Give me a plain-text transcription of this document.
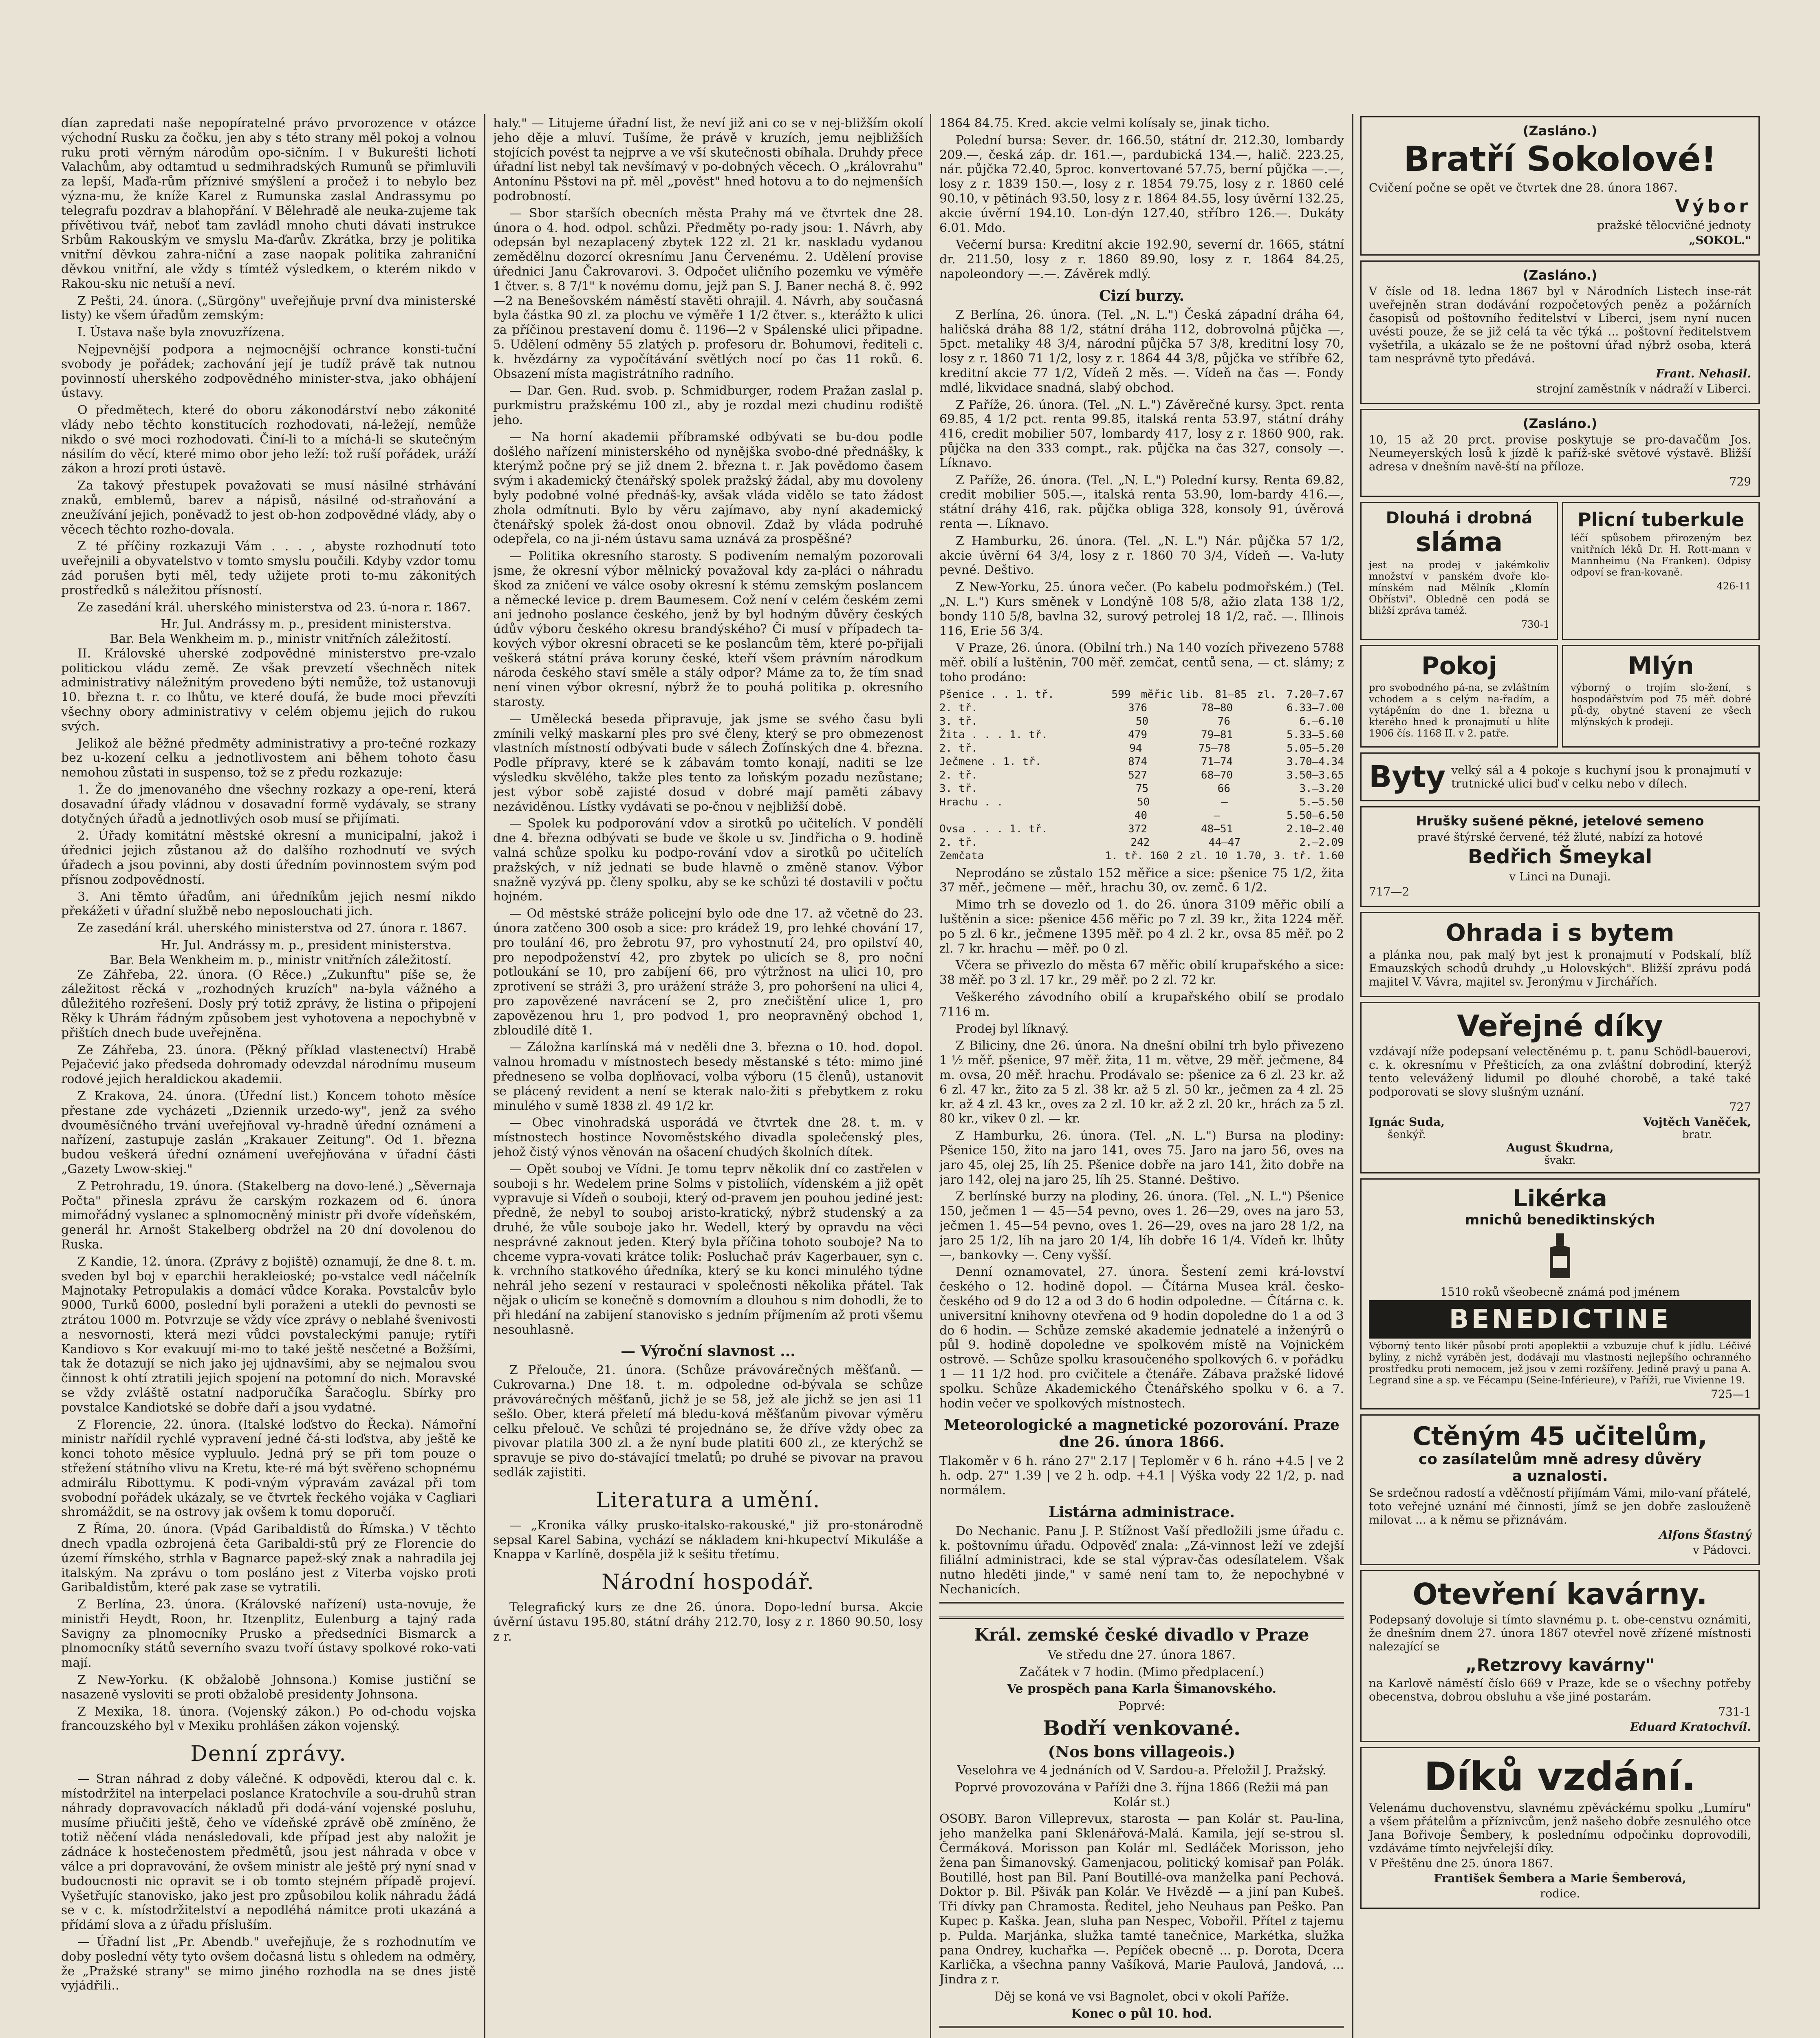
dían zapredati naše nepopíratelné právo prvorozence v otázce východní Rusku za čočku, jen aby s této strany měl pokoj a volnou ruku proti věrným národům opo-sičním. I v Bukurešti lichotí Valachům, aby odtamtud u sedmihradských Rumunů se přimluvili za lepší, Maďa-rům příznivé smýšlení a pročež i to nebylo bez význa-mu, že kníže Karel z Rumunska zaslal Andrassymu po telegrafu pozdrav a blahopřání. V Bělehradě ale neuka-zujeme tak přívětivou tvář, neboť tam zavládl mnoho chuti dávati instrukce Srbům Rakouským ve smyslu Ma-ďarův. Zkrátka, brzy je politika vnitřní děvkou zahra-niční a zase naopak politika zahraniční děvkou vnitřní, ale vždy s tímtéž výsledkem, o kterém nikdo v Rakou-sku nic netuší a neví.

Z Pešti, 24. února. („Sürgöny" uveřejňuje první dva ministerské listy) ke všem úřadům zemským:

I. Ústava naše byla znovuzřízena.

Nejpevnější podpora a nejmocnější ochrance konsti-tuční svobody je pořádek; zachování její je tudíž právě tak nutnou povinností uherského zodpovědného minister-stva, jako obhájení ústavy.

O předmětech, které do oboru zákonodárství nebo zákonité vlády nebo těchto konstitucích rozhodovati, ná-ležejí, nemůže nikdo o své moci rozhodovati. Činí-li to a míchá-li se skutečným násilím do věcí, které mimo obor jeho leží: tož ruší pořádek, uráží zákon a hrozí proti ústavě.

Za takový přestupek považovati se musí násilné strhávání znaků, emblemů, barev a nápisů, násilné od-straňování a zneužívání jejich, poněvadž to jest ob-hon zodpovědné vlády, aby o věcech těchto rozho-dovala.

Z té příčiny rozkazuji Vám . . . , abyste rozhodnutí toto uveřejnili a obyvatelstvo v tomto smyslu poučili. Kdyby vzdor tomu zád porušen byti měl, tedy užijete proti to-mu zákonitých prostředků s náležitou přísností.

Ze zasedání král. uherského ministerstva od 23. ú-nora r. 1867.

Hr. Jul. Andrássy m. p., president ministerstva.
Bar. Bela Wenkheim m. p., ministr vnitřních záležitostí.

II. Královské uherské zodpovědné ministerstvo pre-vzalo politickou vládu země. Ze však prevzetí všechněch nitek administrativy náležnitým provedeno býti nemůže, tož ustanovuji 10. března t. r. co lhůtu, ve které doufá, že bude moci převzíti všechny obory administrativy v celém objemu jejich do rukou svých.

Jelikož ale běžné předměty administrativy a pro-tečné rozkazy bez u-kození celku a jednotlivostem ani během tohoto času nemohou zůstati in suspenso, tož se z předu rozkazuje:

1. Že do jmenovaného dne všechny rozkazy a ope-rení, která dosavadní úřady vládnou v dosavadní formě vydávaly, se strany dotyčných úřadů a jednotlivých osob musí se přijímati.

2. Úřady komitátní městské okresní a municipalní, jakož i úřednici jejich zůstanou až do dalšího rozhodnutí ve svých úřadech a jsou povinni, aby dosti úředním povinnostem svým pod přísnou zodpovědností.

3. Ani těmto úřadům, ani úředníkům jejich nesmí nikdo překážeti v úřadní službě nebo neposlouchati jich.

Ze zasedání král. uherského ministerstva od 27. února r. 1867.

Hr. Jul. Andrássy m. p., president ministerstva.
Bar. Bela Wenkheim m. p., ministr vnitřních záležitostí.

Ze Záhřeba, 22. února. (O Rěce.) „Zukunftu" píše se, že záležitost rěcká v „rozhodných kruzích" na-byla vážného a důležitého rozřešení. Dosly prý totiž zprávy, že listina o připojení Rěky k Uhrám řádným způsobem jest vyhotovena a nepochybně v přištích dnech bude uveřejněna.

Ze Záhřeba, 23. února. (Pěkný příklad vlastenectví) Hrabě Pejačević jako předseda dohromady odevzdal národnímu museum rodové jejich heraldickou akademii.

Z Krakova, 24. února. (Úřední list.) Koncem tohoto měsíce přestane zde vycházeti „Dziennik urzedo-wy", jenž za svého dvouměsíčného trvání uveřejňoval vy-hradně úřední oznámení a nařízení, zastupuje zaslán „Krakauer Zeitung". Od 1. března budou veškerá úřední oznámení uveřejňována v úřadní části „Gazety Lwow-skiej."

Z Petrohradu, 19. února. (Stakelberg na dovo-lené.) „Sěvernaja Počta" přinesla zprávu že carským rozkazem od 6. února mimořádný vyslanec a splnomocněný ministr při dvoře vídeňském, generál hr. Arnošt Stakelberg obdržel na 20 dní dovolenou do Ruska.

Z Kandie, 12. února. (Zprávy z bojiště) oznamují, že dne 8. t. m. sveden byl boj v eparchii herakleioské; po-vstalce vedl náčelník Majnotaky Petropulakis a domácí vůdce Koraka. Povstalcův bylo 9000, Turků 6000, poslední byli poraženi a utekli do pevnosti se ztrátou 1000 m. Potvrzuje se vždy více zprávy o neblahé švenivosti a nesvornosti, která mezi vůdci povstaleckými panuje; rytíři Kandiovo s Kor evakuují mi-mo to také ještě nesčetné a Božšími, tak že dotazují se nich jako jej ujdnavšími, aby se nejmalou svou činnost k ohtí ztratili jejich spojení na potomní do nich. Moravské se vždy zvláště ostatní nadporučíka Šaračoglu. Sbírky pro povstalce Kandiotské se dobře daří a jsou vydatné.

Z Florencie, 22. února. (Italské loďstvo do Řecka). Námořní ministr nařídil rychlé vypravení jedné čá-sti loďstva, aby ještě ke konci tohoto měsíce vypluulo. Jedná prý se při tom pouze o střežení státního vlivu na Kretu, kte-ré má být svěřeno schopnému admirálu Ribottymu. K podi-vným výpravám zavázal při tom svobodní pořádek ukázaly, se ve čtvrtek řeckého vojáka v Cagliari shromáždit, se na ostrovy jak ovšem k tomu doporučí.

Z Říma, 20. února. (Vpád Garibaldistů do Římska.) V těchto dnech vpadla ozbrojená četa Garibaldi-stů prý ze Florencie do území římského, strhla v Bagnarce papež-ský znak a nahradila jej italským. Na zprávu o tom posláno jest z Viterba vojsko proti Garibaldistům, které pak zase se vytratili.

Z Berlína, 23. února. (Královské nařízení) usta-novuje, že ministři Heydt, Roon, hr. Itzenplitz, Eulenburg a tajný rada Savigny za plnomocníky Prusko a předsedníci Bismarck a plnomocníky států severního svazu tvoří ústavy spolkové roko-vati mají.

Z New-Yorku. (K obžalobě Johnsona.) Komise justiční se nasazeně vysloviti se proti obžalobě presidenty Johnsona.

Z Mexika, 18. února. (Vojenský zákon.) Po od-chodu vojska francouzského byl v Mexiku prohlášen zákon vojenský.

Denní zprávy.

— Stran náhrad z doby válečné. K odpovědi, kterou dal c. k. místodržitel na interpelaci poslance Kratochvíle a sou-druhů stran náhrady dopravovacích nákladů při dodá-vání vojenské posluhu, musíme přiučiti ještě, čeho ve vídeňské zprávě obě zmíněno, že totiž něčení vláda nenásledovali, kde případ jest aby naložit je zádnáce k hostečenostem předmětů, jsou jest náhrada v obce v válce a pri dopravování, že ovšem ministr ale ještě prý nyní snad v budoucnosti nic opravit se i ob tomto stejném případě projeví. Vyšetřujíc stanovisko, jako jest pro způsobilou kolik náhradu žádá se v c. k. místodržitelství a nepodléhá námitce proti ukazáná a přídámí slova a z úřadu přísluším.

— Úřadní list „Pr. Abendb." uveřejňuje, že s rozhodnutím ve doby poslední věty tyto ovšem dočasná listu s ohledem na odměry, že „Pražské strany" se mimo jiného rozhodla na se dnes jistě vyjádřili..

haly." — Litujeme úřadní list, že neví již ani co se v nej-bližším okolí jeho děje a mluví. Tušíme, že právě v kruzích, jemu nejbližších stojících povést ta nejprve a ve vší skutečnosti obíhala. Druhdy přece úřadní list nebyl tak nevšímavý v po-dobných věcech. O „královrahu" Antonínu Pšstovi na př. měl „pověst" hned hotovu a to do nejmenších podrobností.

— Sbor starších obecních města Prahy má ve čtvrtek dne 28. února o 4. hod. odpol. schůzi. Předměty po-rady jsou: 1. Návrh, aby odepsán byl nezaplacený zbytek 122 zl. 21 kr. naskladu vydanou zemědělnu dozorcí okresnímu Janu Červenému. 2. Udělení provise úřednici Janu Čakrovarovi. 3. Odpočet uličního pozemku ve výměře 1 čtver. s. 8 7/1" k novému domu, jejž pan S. J. Baner nechá 8. č. 992—2 na Benešovském náměstí stavěti ohrajil. 4. Návrh, aby současná byla částka 90 zl. za plochu ve výměře 1 1/2 čtver. s., kterážto k ulici za příčinou prestavení domu č. 1196—2 v Spálenské ulici připadne. 5. Udělení odměny 55 zlatých p. profesoru dr. Bohumovi, řediteli c. k. hvězdárny za vypočítávání světlých nocí po čas 11 roků. 6. Obsazení místa magistrátního radního.

— Dar. Gen. Rud. svob. p. Schmidburger, rodem Pražan zaslal p. purkmistru pražskému 100 zl., aby je rozdal mezi chudinu rodiště jeho.

— Na horní akademii příbramské odbývati se bu-dou podle došlého nařízení ministerského od nynějška svobo-dné přednášky, k kterýmž počne prý se již dnem 2. března t. r. Jak povědomo časem svým i akademický čtenářský spolek pražský žádal, aby mu dovoleny byly podobné volné přednáš-ky, avšak vláda vidělo se tato žádost zhola odmítnuti. Bylo by věru zajímavo, aby nyní akademický čtenářský spolek žá-dost onou obnovil. Zdaž by vláda podruhé odepřela, co na ji-ném ústavu sama uznává za prospěšné?

— Politika okresního starosty. S podivením nemalým pozorovali jsme, že okresní výbor mělnický považoval kdy za-pláci o náhradu škod za zničení ve válce osoby okresní k stému zemským poslancem a německé levice p. drem Baumesem. Což není v celém českém zemi ani jednoho poslance českého, jenž by byl hodným důvěry českých údův výboru českého okresu brandýského? Či musí v případech ta-kových výbor okresní obraceti se ke poslancům těm, které po-přijali veškerá státní práva koruny české, kteří všem právním národkum národa českého staví směle a stály odpor? Máme za to, že tím snad není vinen výbor okresní, nýbrž že to pouhá politika p. okresního starosty.

— Umělecká beseda připravuje, jak jsme se svého času byli zmínili velký maskarní ples pro své členy, který se pro obmezenost vlastních místností odbývati bude v sálech Žofínských dne 4. března. Podle přípravy, které se k zábavám tomto konají, naditi se lze výsledku skvělého, takže ples tento za loňským pozadu nezůstane; jest výbor sobě zajisté dosud v dobré mají paměti zábavy nezáviděnou. Lístky vydávati se po-čnou v nejbližší době.

— Spolek ku podporování vdov a sirotků po učitelích. V pondělí dne 4. března odbývati se bude ve škole u sv. Jindřicha o 9. hodině valná schůze spolku ku podpo-rování vdov a sirotků po učitelích pražských, v níž jednati se bude hlavně o změně stanov. Výbor snažně vyzývá pp. členy spolku, aby se ke schůzi té dostavili v počtu hojném.

— Od městské stráže policejní bylo ode dne 17. až včetně do 23. února zatčeno 300 osob a sice: pro krádež 19, pro lehké chování 17, pro toulání 46, pro žebrotu 97, pro vyhostnutí 24, pro opilství 40, pro nepodpoženství 42, pro zbytek po ulicích se 8, pro noční potloukání se 10, pro zabíjení 66, pro výtržnost na ulici 10, pro zprotivení se stráži 3, pro urážení stráže 3, pro pohoršení na ulici 4, pro zapovězené navrácení se 2, pro znečištění ulice 1, pro zapovězenou hru 1, pro podvod 1, pro neopravněný obchod 1, zbloudilé dítě 1.

— Záložna karlínská má v neděli dne 3. března o 10. hod. dopol. valnou hromadu v místnostech besedy městanské s této: mimo jiné předneseno se volba doplňovací, volba výboru (15 členů), ustanovit se plácený revident a není se kterak nalo-žiti s přebytkem z roku minulého v sumě 1838 zl. 49 1/2 kr.

— Obec vinohradská usporádá ve čtvrtek dne 28. t. m. v místnostech hostince Novoměstského divadla společenský ples, jehož čistý výnos věnován na ošacení chudých školních dítek.

— Opět souboj ve Vídni. Je tomu teprv několik dní co zastřelen v souboji s hr. Wedelem prine Solms v pistoliích, vídenském a již opět vypravuje si Vídeň o souboji, který od-pravem jen pouhou jediné jest: předně, že nebyl to souboj aristo-kratický, nýbrž studenský a za druhé, že vůle souboje jako hr. Wedell, který by opravdu na věci nesprávné zaknout jeden. Který byla příčina tohoto souboje? Na to chceme vypra-vovati krátce tolik: Posluchač práv Kagerbauer, syn c. k. vrchního statkového úředníka, který se ku konci minulého týdne nehrál jeho sezení v restauraci v společnosti několika přátel. Tak nějak o ulicím se konečně s domovním a dlouhou s nim dohodli, že to při hledání na zabijení stanovisko s jedním příjmením až proti všemu nesouhlasně.

— Výroční slavnost ...

Z Přelouče, 21. února. (Schůze právovárečných měšťanů. — Cukrovarna.) Dne 18. t. m. odpoledne od-bývala se schůze právovárečných měšťanů, jichž je se 58, jež ale jichž se jen asi 11 sešlo. Ober, která přeletí má bledu-ková měšťanům pivovar výměru celku přelouč. Ve schůzi té projednáno se, že dříve vždy obec za pivovar platila 300 zl. a že nyní bude platiti 600 zl., ze kterýchž se spravuje se pivo do-stávající tmelatů; po druhé se pivovar na pravou sedlák zajistiti.

Literatura a umění.

— „Kronika války prusko-italsko-rakouské," již pro-stonárodně sepsal Karel Sabina, vychází se nákladem kni-hkupectví Mikuláše a Knappa v Karlíně, dospěla již k sešitu třetímu.

Národní hospodář.

Telegrafický kurs ze dne 26. února. Dopo-lední bursa. Akcie úvěrní ústavu 195.80, státní dráhy 212.70, losy z r. 1860 90.50, losy z r.

1864 84.75. Kred. akcie velmi kolísaly se, jinak ticho.

Polední bursa: Sever. dr. 166.50, státní dr. 212.30, lombardy 209.—, česká záp. dr. 161.—, pardubická 134.—, halič. 223.25, nár. půjčka 72.40, 5proc. konvertované 57.75, berní půjčka —.—, losy z r. 1839 150.—, losy z r. 1854 79.75, losy z r. 1860 celé 90.10, v pětinách 93.50, losy z r. 1864 84.55, losy úvěrní 132.25, akcie úvěrní 194.10. Lon-dýn 127.40, stříbro 126.—. Dukáty 6.01. Mdo.

Večerní bursa: Kreditní akcie 192.90, severní dr. 1665, státní dr. 211.50, losy z r. 1860 89.90, losy z r. 1864 84.25, napoleondory —.—. Závěrek mdlý.

Cizí burzy.

Z Berlína, 26. února. (Tel. „N. L.") Česká západní dráha 64, haličská dráha 88 1/2, státní dráha 112, dobrovolná půjčka —, 5pct. metaliky 48 3/4, národní půjčka 57 3/8, kreditní losy 70, losy z r. 1860 71 1/2, losy z r. 1864 44 3/8, půjčka ve stříbře 62, kreditní akcie 77 1/2, Vídeň 2 měs. —. Vídeň na čas —. Fondy mdlé, likvidace snadná, slabý obchod.

Z Paříže, 26. února. (Tel. „N. L.") Závěrečné kursy. 3pct. renta 69.85, 4 1/2 pct. renta 99.85, italská renta 53.97, státní dráhy 416, credit mobilier 507, lombardy 417, losy z r. 1860 900, rak. půjčka na den 333 compt., rak. půjčka na čas 327, consoly —. Líknavo.

Z Paříže, 26. února. (Tel. „N. L.") Polední kursy. Renta 69.82, credit mobilier 505.—, italská renta 53.90, lom-bardy 416.—, státní dráhy 416, rak. půjčka obliga 328, konsoly 91, úvěrová renta —. Líknavo.

Z Hamburku, 26. února. (Tel. „N. L.") Nár. půjčka 57 1/2, akcie úvěrní 64 3/4, losy z r. 1860 70 3/4, Vídeň —. Va-luty pevné. Deštivo.

Z New-Yorku, 25. února večer. (Po kabelu podmořském.) (Tel. „N. L.") Kurs směnek v Londýně 108 5/8, ažio zlata 138 1/2, bondy 110 5/8, bavlna 32, surový petrolej 18 1/2, rač. —. Illinois 116, Erie 56 3/4.

V Praze, 26. února. (Obilní trh.) Na 140 vozích přivezeno 5788 měř. obilí a luštěnin, 700 měř. zemčat, centů sena, — ct. slámy; z toho prodáno:

Pšenice . . 1. tř.	599 měřic lib. 81—85 zl. 7.20—7.67
2. tř.	376	78—80	6.33—7.00
3. tř.	50	76	6.—6.10
Žita . . . 1. tř.	479	79—81	5.33—5.60
2. tř.	94	75—78	5.05—5.20
Ječmene . 1. tř.	874	71—74	3.70—4.34
2. tř.	527	68—70	3.50—3.65
3. tř.	75	66	3.—3.20
Hrachu . .	50	—	5.—5.50
40	—	5.50—6.50
Ovsa . . . 1. tř.	372	48—51	2.10—2.40
2. tř.	242	44—47	2.—2.09
Zemčata	1. tř. 160 2 zl. 10 1.70, 3. tř. 1.60

Neprodáno se zůstalo 152 měřice a sice: pšenice 75 1/2, žita 37 měř., ječmene — měř., hrachu 30, ov. zemč. 6 1/2.

Mimo trh se dovezlo od 1. do 26. února 3109 měřic obilí a luštěnin a sice: pšenice 456 měřic po 7 zl. 39 kr., žita 1224 měř. po 5 zl. 6 kr., ječmene 1395 měř. po 4 zl. 2 kr., ovsa 85 měř. po 2 zl. 7 kr. hrachu — měř. po 0 zl.

Včera se přivezlo do města 67 měřic obilí krupařského a sice: 38 měř. po 3 zl. 17 kr., 29 měř. po 2 zl. 72 kr.

Veškerého závodního obilí a krupařského obilí se prodalo 7116 m.

Prodej byl líknavý.

Z Biliciny, dne 26. února. Na dnešní obilní trh bylo přivezeno 1 ½ měř. pšenice, 97 měř. žita, 11 m. větve, 29 měř. ječmene, 84 m. ovsa, 20 měř. hrachu. Prodávalo se: pšenice za 6 zl. 23 kr. až 6 zl. 47 kr., žito za 5 zl. 38 kr. až 5 zl. 50 kr., ječmen za 4 zl. 25 kr. až 4 zl. 43 kr., oves za 2 zl. 10 kr. až 2 zl. 20 kr., hrách za 5 zl. 80 kr., vikev 0 zl. — kr.

Z Hamburku, 26. února. (Tel. „N. L.") Bursa na plodiny: Pšenice 150, žito na jaro 141, oves 75. Jaro na jaro 56, oves na jaro 45, olej 25, líh 25. Pšenice dobře na jaro 141, žito dobře na jaro 142, olej na jaro 25, líh 25. Stanné. Deštivo.

Z berlínské burzy na plodiny, 26. února. (Tel. „N. L.") Pšenice 150, ječmen 1 — 45—54 pevno, oves 1. 26—29, oves na jaro 53, ječmen 1. 45—54 pevno, oves 1. 26—29, oves na jaro 28 1/2, na jaro 25 1/2, líh na jaro 20 1/4, líh dobře 16 1/4. Vídeň kr. lhůty —, bankovky —. Ceny vyšší.

Denní oznamovatel, 27. února. Šestení zemi krá-lovství českého o 12. hodině dopol. — Čítárna Musea král. česko-českého od 9 do 12 a od 3 do 6 hodin odpoledne. — Čítárna c. k. universitní knihovny otevřena od 9 hodin dopoledne do 1 a od 3 do 6 hodin. — Schůze zemské akademie jednatelé a inženýrů o půl 9. hodině dopoledne ve spolkovém místě na Vojnickém ostrově. — Schůze spolku krasoučeného spolkových 6. v pořádku 1 — 11 1/2 hod. pro cvičitele a čtenáře. Zábava pražské lidové spolku. Schůze Akademického Čtenářského spolku v 6. a 7. hodin večer ve spolkových místnostech.

Meteorologické a magnetické pozorování. Praze dne 26. února 1866.

Tlakoměr v 6 h. ráno 27" 2.17 | Teploměr v 6 h. ráno +4.5 | ve 2 h. odp. 27" 1.39 | ve 2 h. odp. +4.1 | Výška vody 22 1/2, p. nad normálem.

Listárna administrace.

Do Nechanic. Panu J. P. Stížnost Vaší předložili jsme úřadu c. k. poštovnímu úřadu. Odpověď znala: „Zá-vinnost leží ve zdejší filiální administraci, kde se stal výprav-čas odesílatelem. Však nutno hleděti jinde," v samé není tam to, že nepochybné v Nechanicích.

Král. zemské české divadlo v Praze

Ve středu dne 27. února 1867.

Začátek v 7 hodin. (Mimo předplacení.)

Ve prospěch pana Karla Šimanovského.

Poprvé:

Bodří venkované.

(Nos bons villageois.)

Veselohra ve 4 jednáních od V. Sardou-a. Přeložil J. Pražský.

Poprvé provozována v Paříži dne 3. října 1866 (Režii má pan Kolár st.)

OSOBY. Baron Villeprevux, starosta — pan Kolár st. Pau-lina, jeho manželka paní Sklenářová-Malá. Kamila, její se-strou sl. Čermáková. Morisson pan Kolár ml. Sedláček Morisson, jeho žena pan Šimanovský. Gamenjacou, politický komisař pan Polák. Boutillé, host pan Bil. Paní Boutillé-ova manželka paní Pechová. Doktor p. Bil. Pšivák pan Kolár. Ve Hvězdě — a jiní pan Kubeš. Tři dívky pan Chramosta. Ředitel, jeho Neuhaus pan Peško. Pan Kupec p. Kaška. Jean, sluha pan Nespec, Vobořil. Přítel z tajemu p. Pulda. Marjánka, služka tamté tanečnice, Markétka, služka pana Ondrey, kuchařka —. Pepíček obecně ... p. Dorota, Dcera Karlička, a všechna panny Vašíková, Marie Paulová, Jandová, ... Jindra z r.

Děj se koná ve vsi Bagnolet, obci v okolí Paříže.

Konec o půl 10. hod.

(Zasláno.)
Bratří Sokolové!

Cvičení počne se opět ve čtvrtek dne 28. února 1867.

Výbor

pražské tělocvičné jednoty

„SOKOL."

(Zasláno.)

V čísle od 18. ledna 1867 byl v Národních Listech inse-rát uveřejněn stran dodávání rozpočetových peněz a požárních časopisů od poštovního ředitelství v Liberci, jsem nyní nucen uvésti pouze, že se již celá ta věc týká ... poštovní ředitelstvem vyšetřila, a ukázalo se že ne poštovní úřad nýbrž osoba, která tam nesprávně tyto předává.

Frant. Nehasil.

strojní zaměstník v nádraží v Liberci.

(Zasláno.)

10, 15 až 20 prct. provise poskytuje se pro-davačům Jos. Neumeyerských losů k jízdě k paříž-ské světové výstavě. Bližší adresa v dnešním navě-ští na příloze.

729

Dlouhá i drobná
sláma

jest na prodej v jakémkoliv množství v panském dvoře klo-mínském nad Mělník „Klomín Obřístvi". Obledně cen podá se bližší zpráva taméž.

730-1

Plicní tuberkule

léčí spůsobem přirozeným bez vnitřních léků Dr. H. Rott-mann v Mannheimu (Na Franken). Odpisy odpoví se fran-kovaně.

426-11

Pokoj

pro svobodného pá-na, se zvláštním vchodem a s celým na-řadím, a vytápěním do dne 1. března u kterého hned k pronajmutí u hlíte 1906 čís. 1168 II. v 2. patře.

Mlýn

výborný o trojím slo-žení, s hospodářstvím pod 75 měř. dobré pů-dy, obytné stavení ze všech mlýnských k prodeji.

Byty velký sál a 4 pokoje s kuchyní jsou k pronajmutí v trutnické ulici buď v celku nebo v dílech.

Hrušky sušené pěkné, jetelové semeno

pravé štýrské červené, též žluté, nabízí za hotové

Bedřich Šmeykal

v Linci na Dunaji.

717—2

Ohrada i s bytem

a plánka nou, pak malý byt jest k pronajmutí v Podskalí, blíž Emauzských schodů druhdy „u Holovských". Bližší zprávu podá majitel V. Vávra, majitel sv. Jeronýmu v Jirchářích.

Veřejné díky

vzdávají níže podepsaní velectěnému p. t. panu Schödl-bauerovi, c. k. okresnímu v Přešticích, za ona zvláštní dobrodiní, kterýž tento velevážený lidumil po dlouhé chorobě, a také také podporovati se slovy slušným uznání.

727

Ignác Suda,
šenkýř.
Vojtěch Vaněček,
bratr.
August Škudrna,
švakr.
Likérka
mnichů benediktinských

1510 roků všeobecně známá pod jménem

BENEDICTINE

Výborný tento likér působí proti apoplektii a vzbuzuje chuť k jídlu. Léčivé byliny, z nichž vyráběn jest, dodávají mu vlastnosti nejlepšího ochranného prostředku proti nemocem, jež jsou v zemi rozšířeny. Jedině pravý u pana A. Legrand sine a sp. ve Fécampu (Seine-Inférieure), v Paříži, rue Vivienne 19.

725—1

Ctěným 45 učitelům,
co zasílatelům mně adresy důvěry
a uznalosti.

Se srdečnou radostí a vděčností přijímám Vámi, milo-vaní přátelé, toto veřejné uznání mé činnosti, jímž se jen dobře zaslouženě milovat ... a k němu se přiznávám.

Alfons Šťastný

v Pádovci.

Otevření kavárny.

Podepsaný dovoluje si tímto slavnému p. t. obe-censtvu oznámiti, že dnešním dnem 27. února 1867 otevřel nově zřízené místnosti nalezající se

„Retzrovy kavárny"

na Karlově náměstí číslo 669 v Praze, kde se o všechny potřeby obecenstva, dobrou obsluhu a vše jiné postarám.

731-1

Eduard Kratochvíl.

Díků vzdání.

Velenámu duchovenstvu, slavnému zpěváckému spolku „Lumíru" a všem přátelům a příznivcům, jenž našeho dobře zesnulého otce Jana Bořivoje Šembery, k poslednímu odpočinku doprovodili, vzdáváme tímto nejvřelejší díky.

V Přeštěnu dne 25. února 1867.

František Šembera a Marie Šemberová,

rodice.
